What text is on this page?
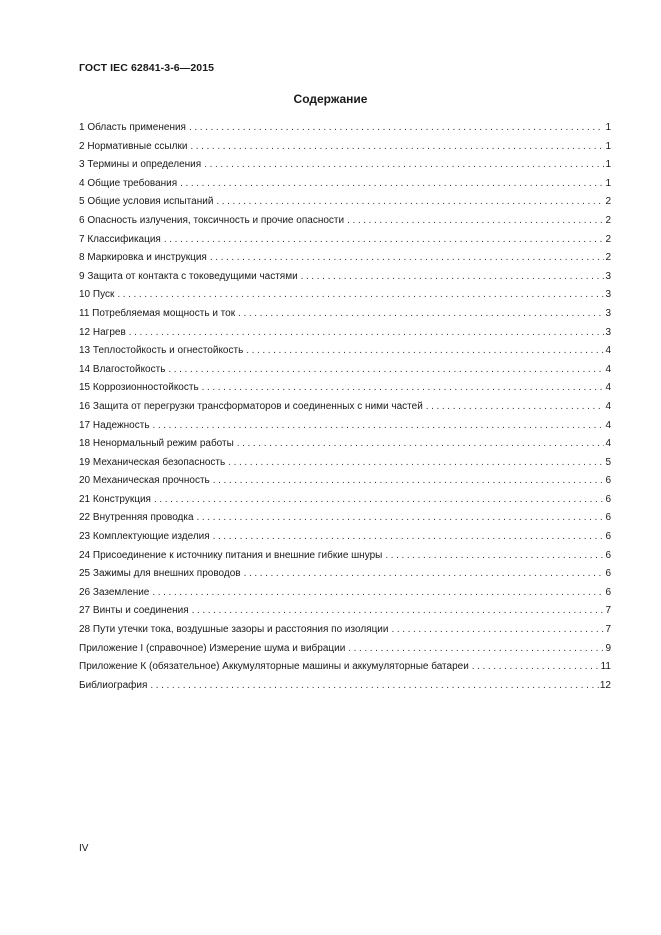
ГОСТ IEC 62841-3-6—2015
Содержание
1 Область применения .....	1
2 Нормативные ссылки .....	1
3 Термины и определения .....	1
4 Общие требования .....	1
5 Общие условия испытаний .....	2
6 Опасность излучения, токсичность и прочие опасности .....	2
7 Классификация .....	2
8 Маркировка и инструкция .....	2
9 Защита от контакта с токоведущими частями .....	3
10 Пуск .....	3
11 Потребляемая мощность и ток .....	3
12 Нагрев .....	3
13 Теплостойкость и огнестойкость .....	4
14 Влагостойкость .....	4
15 Коррозионностойкость .....	4
16 Защита от перегрузки трансформаторов и соединенных с ними частей .....	4
17 Надежность .....	4
18 Ненормальный режим работы .....	4
19 Механическая безопасность .....	5
20 Механическая прочность .....	6
21 Конструкция .....	6
22 Внутренняя проводка .....	6
23 Комплектующие изделия .....	6
24 Присоединение к источнику питания и внешние гибкие шнуры .....	6
25 Зажимы для внешних проводов .....	6
26 Заземление .....	6
27 Винты и соединения .....	7
28 Пути утечки тока, воздушные зазоры и расстояния по изоляции .....	7
Приложение I (справочное) Измерение шума и вибрации .....	9
Приложение К (обязательное) Аккумуляторные машины и аккумуляторные батареи .....	11
Библиография .....	12
IV
